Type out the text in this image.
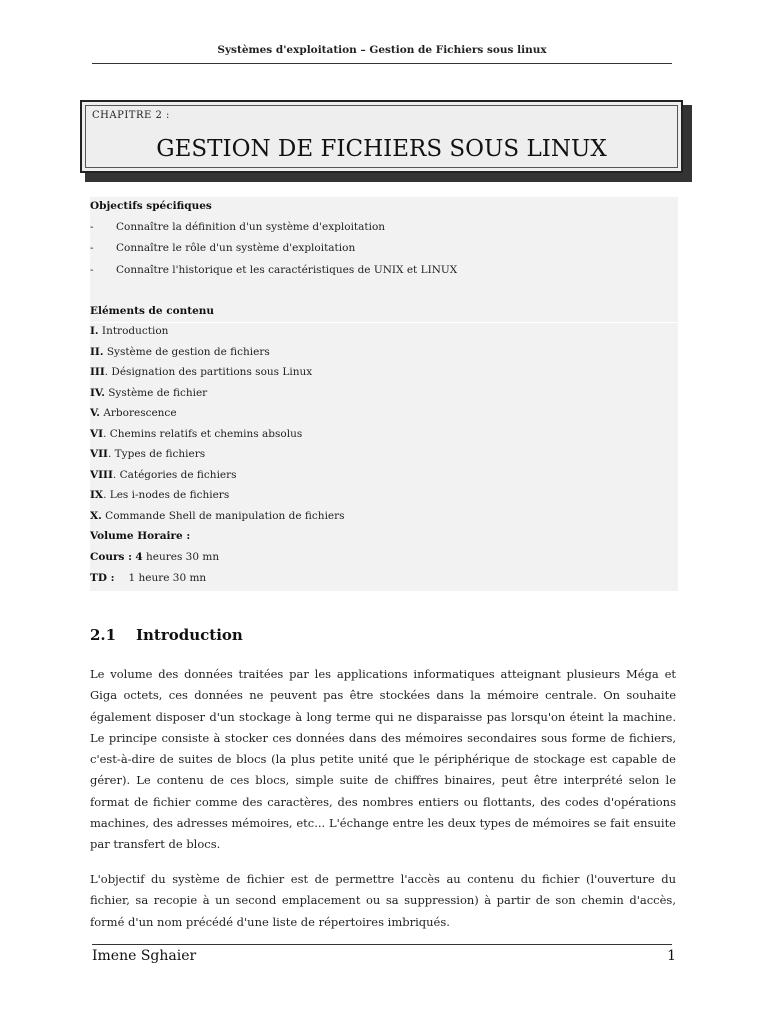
Systèmes d'exploitation – Gestion de Fichiers sous linux
CHAPITRE 2 :
GESTION DE FICHIERS SOUS LINUX
Objectifs spécifiques
- Connaître la définition d'un système d'exploitation
- Connaître le rôle d'un système d'exploitation
- Connaître l'historique et les caractéristiques de UNIX et LINUX
Eléments de contenu
I. Introduction
II. Système de gestion de fichiers
III. Désignation des partitions sous Linux
IV. Système de fichier
V. Arborescence
VI. Chemins relatifs et chemins absolus
VII. Types de fichiers
VIII. Catégories de fichiers
IX. Les i-nodes de fichiers
X. Commande Shell de manipulation de fichiers
Volume Horaire :
Cours : 4 heures 30 mn
TD : 1 heure 30 mn
2.1 Introduction
Le volume des données traitées par les applications informatiques atteignant plusieurs Méga et Giga octets, ces données ne peuvent pas être stockées dans la mémoire centrale. On souhaite également disposer d'un stockage à long terme qui ne disparaisse pas lorsqu'on éteint la machine. Le principe consiste à stocker ces données dans des mémoires secondaires sous forme de fichiers, c'est-à-dire de suites de blocs (la plus petite unité que le périphérique de stockage est capable de gérer). Le contenu de ces blocs, simple suite de chiffres binaires, peut être interprété selon le format de fichier comme des caractères, des nombres entiers ou flottants, des codes d'opérations machines, des adresses mémoires, etc... L'échange entre les deux types de mémoires se fait ensuite par transfert de blocs.
L'objectif du système de fichier est de permettre l'accès au contenu du fichier (l'ouverture du fichier, sa recopie à un second emplacement ou sa suppression) à partir de son chemin d'accès, formé d'un nom précédé d'une liste de répertoires imbriqués.
Imene Sghaier	1
